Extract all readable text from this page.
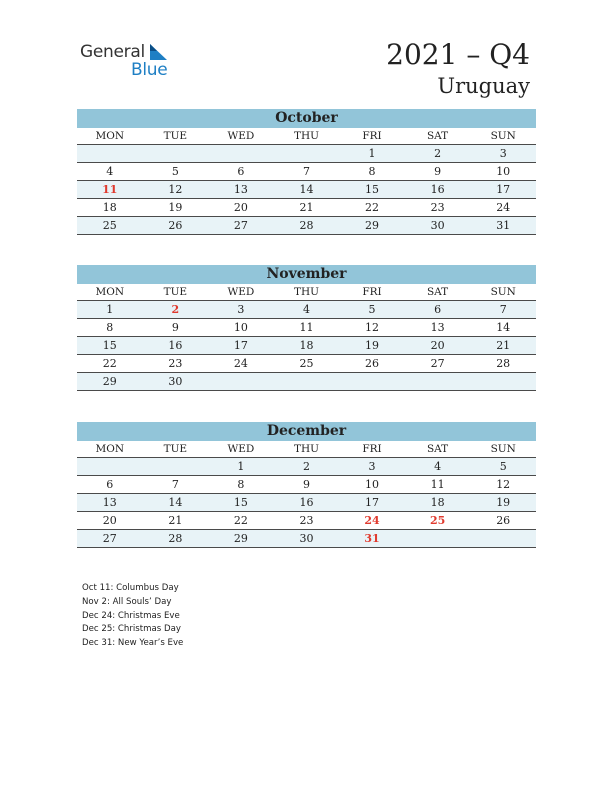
General
Blue	2021 – Q4
Uruguay
October
MON	TUE	WED	THU	FRI	SAT	SUN
				1	2	3
4	5	6	7	8	9	10
11	12	13	14	15	16	17
18	19	20	21	22	23	24
25	26	27	28	29	30	31
November
MON	TUE	WED	THU	FRI	SAT	SUN
1	2	3	4	5	6	7
8	9	10	11	12	13	14
15	16	17	18	19	20	21
22	23	24	25	26	27	28
29	30					
December
MON	TUE	WED	THU	FRI	SAT	SUN
		1	2	3	4	5
6	7	8	9	10	11	12
13	14	15	16	17	18	19
20	21	22	23	24	25	26
27	28	29	30	31		
Oct 11: Columbus Day
Nov 2: All Souls’ Day
Dec 24: Christmas Eve
Dec 25: Christmas Day
Dec 31: New Year’s Eve
